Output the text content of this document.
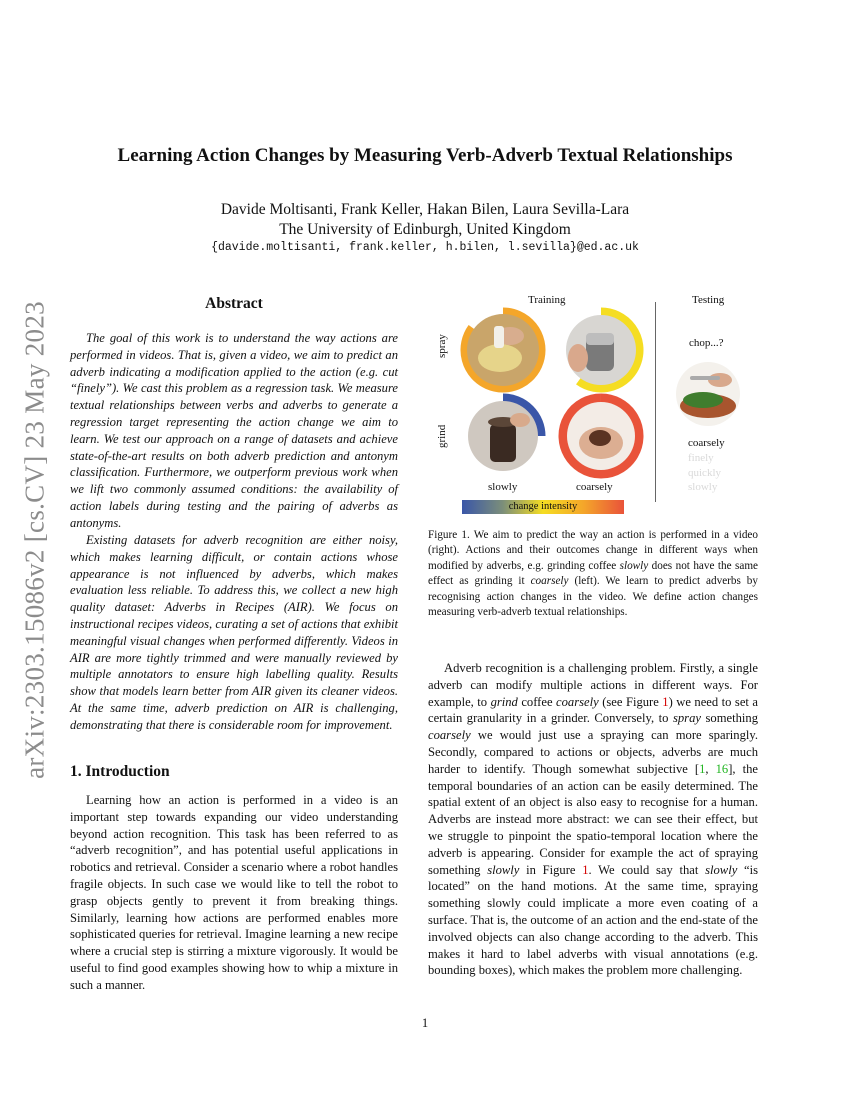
arXiv:2303.15086v2 [cs.CV] 23 May 2023
Learning Action Changes by Measuring Verb-Adverb Textual Relationships
Davide Moltisanti, Frank Keller, Hakan Bilen, Laura Sevilla-Lara
The University of Edinburgh, United Kingdom
{davide.moltisanti, frank.keller, h.bilen, l.sevilla}@ed.ac.uk
Abstract
The goal of this work is to understand the way actions are performed in videos. That is, given a video, we aim to predict an adverb indicating a modification applied to the action (e.g. cut “finely”). We cast this problem as a regression task. We measure textual relationships between verbs and adverbs to generate a regression target representing the action change we aim to learn. We test our approach on a range of datasets and achieve state-of-the-art results on both adverb prediction and antonym classification. Furthermore, we outperform previous work when we lift two commonly assumed conditions: the availability of action labels during testing and the pairing of adverbs as antonyms.
Existing datasets for adverb recognition are either noisy, which makes learning difficult, or contain actions whose appearance is not influenced by adverbs, which makes evaluation less reliable. To address this, we collect a new high quality dataset: Adverbs in Recipes (AIR). We focus on instructional recipes videos, curating a set of actions that exhibit meaningful visual changes when performed differently. Videos in AIR are more tightly trimmed and were manually reviewed by multiple annotators to ensure high labelling quality. Results show that models learn better from AIR given its cleaner videos. At the same time, adverb prediction on AIR is challenging, demonstrating that there is considerable room for improvement.
1. Introduction
Learning how an action is performed in a video is an important step towards expanding our video understanding beyond action recognition. This task has been referred to as “adverb recognition”, and has potential useful applications in robotics and retrieval. Consider a scenario where a robot handles fragile objects. In such case we would like to tell the robot to grasp objects gently to prevent it from breaking things. Similarly, learning how actions are performed enables more sophisticated queries for retrieval. Imagine learning a new recipe where a crucial step is stirring a mixture vigorously. It would be useful to find good examples showing how to whip a mixture in such a manner.
Training	Testing
spray
grind
chop...?
coarsely
finely
quickly
slowly
slowly	coarsely
change intensity
Figure 1. We aim to predict the way an action is performed in a video (right). Actions and their outcomes change in different ways when modified by adverbs, e.g. grinding coffee slowly does not have the same effect as grinding it coarsely (left). We learn to predict adverbs by recognising action changes in the video. We define action changes measuring verb-adverb textual relationships.
Adverb recognition is a challenging problem. Firstly, a single adverb can modify multiple actions in different ways. For example, to grind coffee coarsely (see Figure 1) we need to set a certain granularity in a grinder. Conversely, to spray something coarsely we would just use a spraying can more sparingly. Secondly, compared to actions or objects, adverbs are much harder to identify. Though somewhat subjective [1, 16], the temporal boundaries of an action can be easily determined. The spatial extent of an object is also easy to recognise for a human. Adverbs are instead more abstract: we can see their effect, but we struggle to pinpoint the spatio-temporal location where the adverb is appearing. Consider for example the act of spraying something slowly in Figure 1. We could say that slowly “is located” on the hand motions. At the same time, spraying something slowly could implicate a more even coating of a surface. That is, the outcome of an action and the end-state of the involved objects can also change according to the adverb. This makes it hard to label adverbs with visual annotations (e.g. bounding boxes), which makes the problem more challenging.
1
